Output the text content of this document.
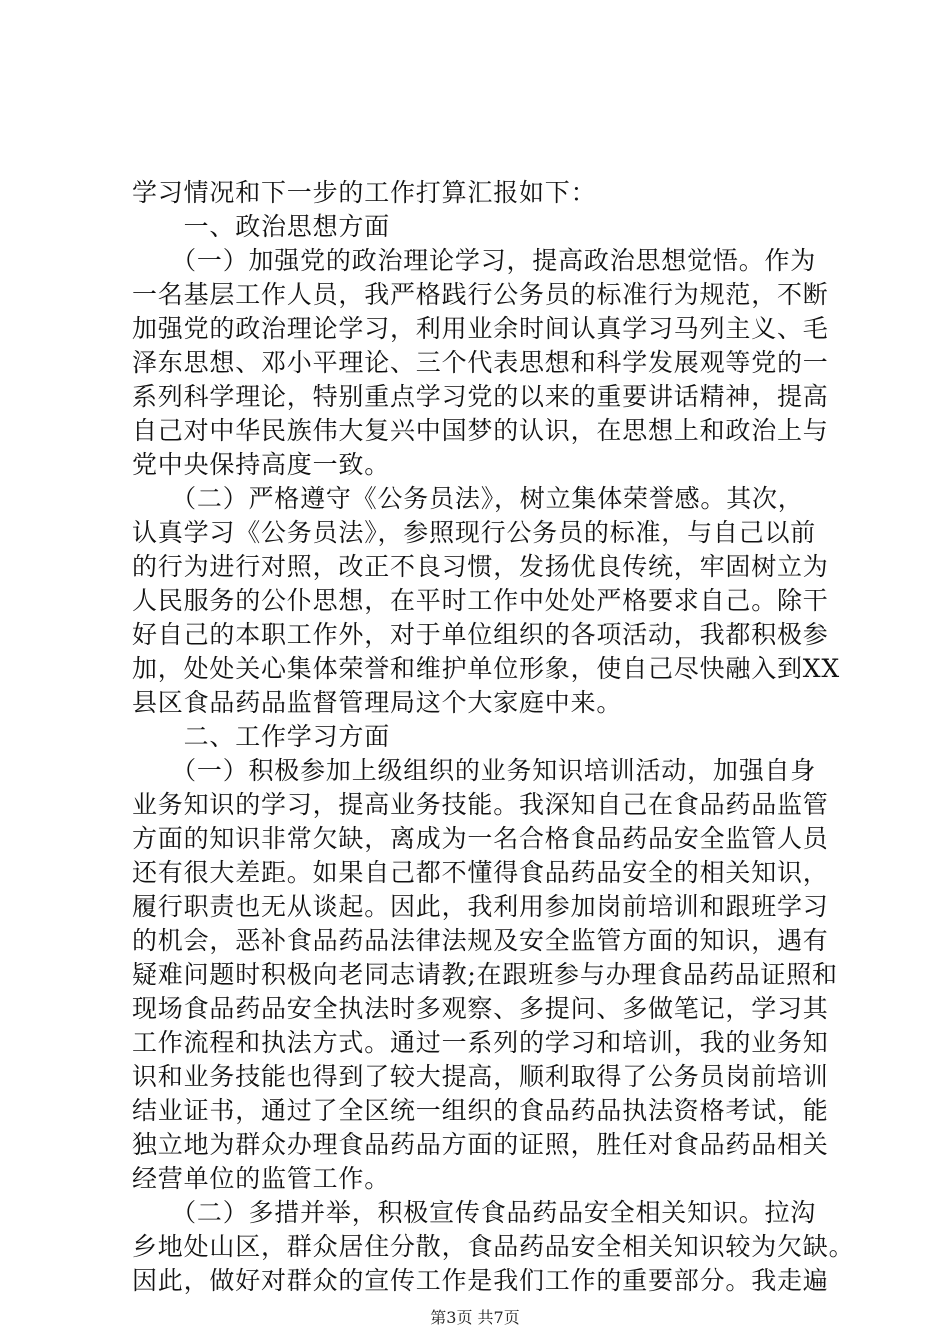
学习情况和下一步的工作打算汇报如下：
　　一、政治思想方面
　　（一）加强党的政治理论学习，提高政治思想觉悟。作为
一名基层工作人员，我严格践行公务员的标准行为规范，不断
加强党的政治理论学习，利用业余时间认真学习马列主义、毛
泽东思想、邓小平理论、三个代表思想和科学发展观等党的一
系列科学理论，特别重点学习党的以来的重要讲话精神，提高
自己对中华民族伟大复兴中国梦的认识，在思想上和政治上与
党中央保持高度一致。
　　（二）严格遵守《公务员法》，树立集体荣誉感。其次，
认真学习《公务员法》，参照现行公务员的标准，与自己以前
的行为进行对照，改正不良习惯，发扬优良传统，牢固树立为
人民服务的公仆思想，在平时工作中处处严格要求自己。除干
好自己的本职工作外，对于单位组织的各项活动，我都积极参
加，处处关心集体荣誉和维护单位形象，使自己尽快融入到XX
县区食品药品监督管理局这个大家庭中来。
　　二、工作学习方面
　　（一）积极参加上级组织的业务知识培训活动，加强自身
业务知识的学习，提高业务技能。我深知自己在食品药品监管
方面的知识非常欠缺，离成为一名合格食品药品安全监管人员
还有很大差距。如果自己都不懂得食品药品安全的相关知识，
履行职责也无从谈起。因此，我利用参加岗前培训和跟班学习
的机会，恶补食品药品法律法规及安全监管方面的知识，遇有
疑难问题时积极向老同志请教;在跟班参与办理食品药品证照和
现场食品药品安全执法时多观察、多提问、多做笔记，学习其
工作流程和执法方式。通过一系列的学习和培训，我的业务知
识和业务技能也得到了较大提高，顺利取得了公务员岗前培训
结业证书，通过了全区统一组织的食品药品执法资格考试，能
独立地为群众办理食品药品方面的证照，胜任对食品药品相关
经营单位的监管工作。
　　（二）多措并举，积极宣传食品药品安全相关知识。拉沟
乡地处山区，群众居住分散，食品药品安全相关知识较为欠缺。
因此，做好对群众的宣传工作是我们工作的重要部分。我走遍
第3页 共7页
